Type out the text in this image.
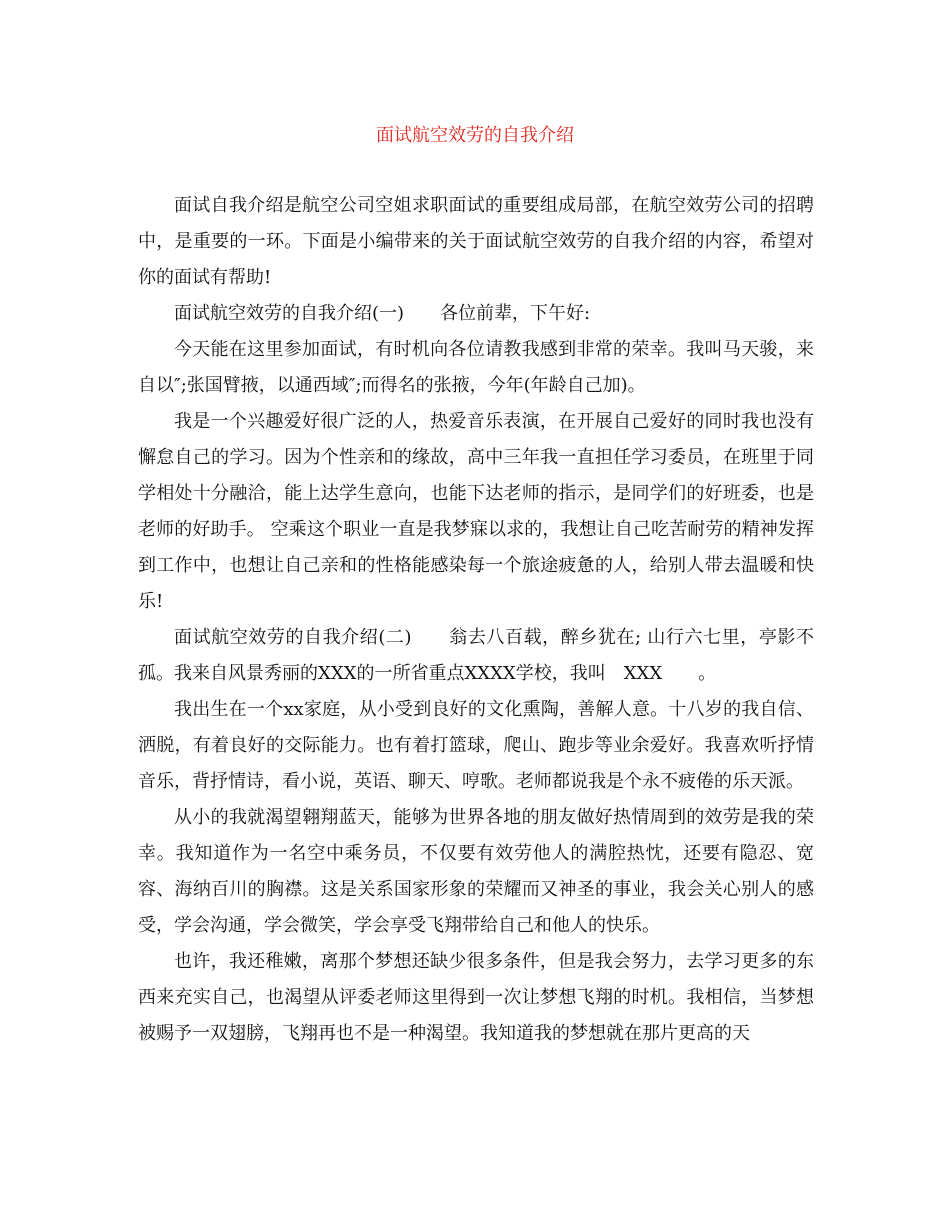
面试航空效劳的自我介绍

面试自我介绍是航空公司空姐求职面试的重要组成局部，在航空效劳公司的招聘中，是重要的一环。下面是小编带来的关于面试航空效劳的自我介绍的内容，希望对你的面试有帮助!

面试航空效劳的自我介绍(一)　　各位前辈，下午好:

今天能在这里参加面试，有时机向各位请教我感到非常的荣幸。我叫马天骏，来自以″;张国臂掖，以通西域″;而得名的张掖，今年(年龄自己加)。

我是一个兴趣爱好很广泛的人，热爱音乐表演，在开展自己爱好的同时我也没有懈怠自己的学习。因为个性亲和的缘故，高中三年我一直担任学习委员，在班里于同学相处十分融洽，能上达学生意向，也能下达老师的指示，是同学们的好班委，也是老师的好助手。 空乘这个职业一直是我梦寐以求的，我想让自己吃苦耐劳的精神发挥到工作中，也想让自己亲和的性格能感染每一个旅途疲惫的人，给别人带去温暖和快乐!

面试航空效劳的自我介绍(二)　　翁去八百载，醉乡犹在; 山行六七里，亭影不孤。我来自风景秀丽的XXX的一所省重点XXXX学校，我叫　XXX　　。

我出生在一个xx家庭，从小受到良好的文化熏陶，善解人意。十八岁的我自信、洒脱，有着良好的交际能力。也有着打篮球，爬山、跑步等业余爱好。我喜欢听抒情音乐，背抒情诗，看小说，英语、聊天、哼歌。老师都说我是个永不疲倦的乐天派。

从小的我就渴望翱翔蓝天，能够为世界各地的朋友做好热情周到的效劳是我的荣幸。我知道作为一名空中乘务员，不仅要有效劳他人的满腔热忱，还要有隐忍、宽容、海纳百川的胸襟。这是关系国家形象的荣耀而又神圣的事业，我会关心别人的感受，学会沟通，学会微笑，学会享受飞翔带给自己和他人的快乐。

也许，我还稚嫩，离那个梦想还缺少很多条件，但是我会努力，去学习更多的东西来充实自己，也渴望从评委老师这里得到一次让梦想飞翔的时机。我相信，当梦想被赐予一双翅膀，飞翔再也不是一种渴望。我知道我的梦想就在那片更高的天
